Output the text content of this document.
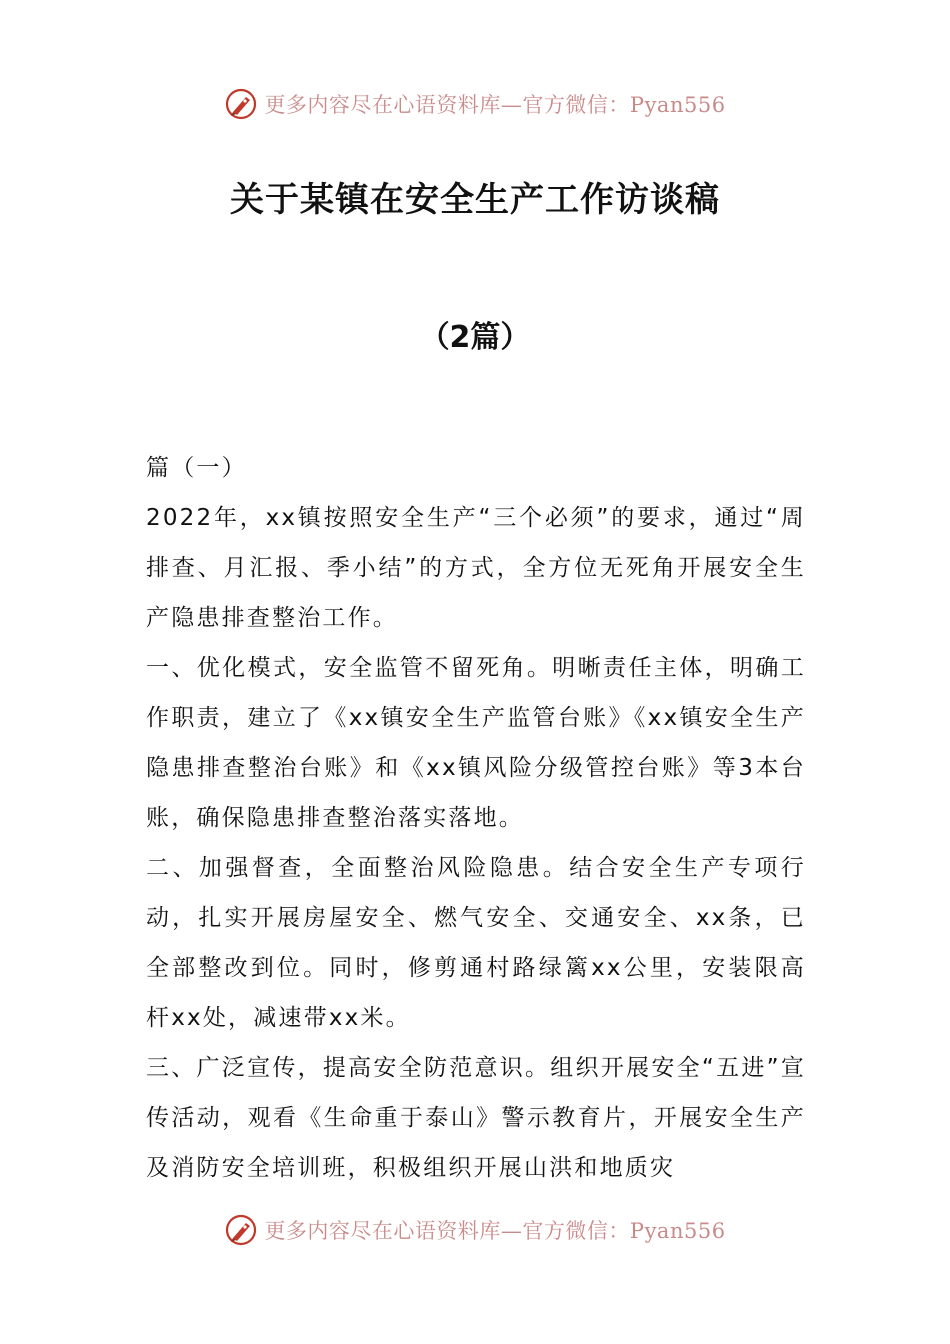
更多内容尽在心语资料库—官方微信：Pyan556
关于某镇在安全生产工作访谈稿
（2篇）

篇（一）

2022年，xx镇按照安全生产“三个必须”的要求，通过“周排查、月汇报、季小结”的方式，全方位无死角开展安全生产隐患排查整治工作。

一、优化模式，安全监管不留死角。明晰责任主体，明确工作职责，建立了《xx镇安全生产监管台账》《xx镇安全生产隐患排查整治台账》和《xx镇风险分级管控台账》等3本台账，确保隐患排查整治落实落地。

二、加强督查，全面整治风险隐患。结合安全生产专项行动，扎实开展房屋安全、燃气安全、交通安全、xx条，已全部整改到位。同时，修剪通村路绿篱xx公里，安装限高杆xx处，减速带xx米。

三、广泛宣传，提高安全防范意识。组织开展安全“五进”宣传活动，观看《生命重于泰山》警示教育片，开展安全生产及消防安全培训班，积极组织开展山洪和地质灾

更多内容尽在心语资料库—官方微信：Pyan556
